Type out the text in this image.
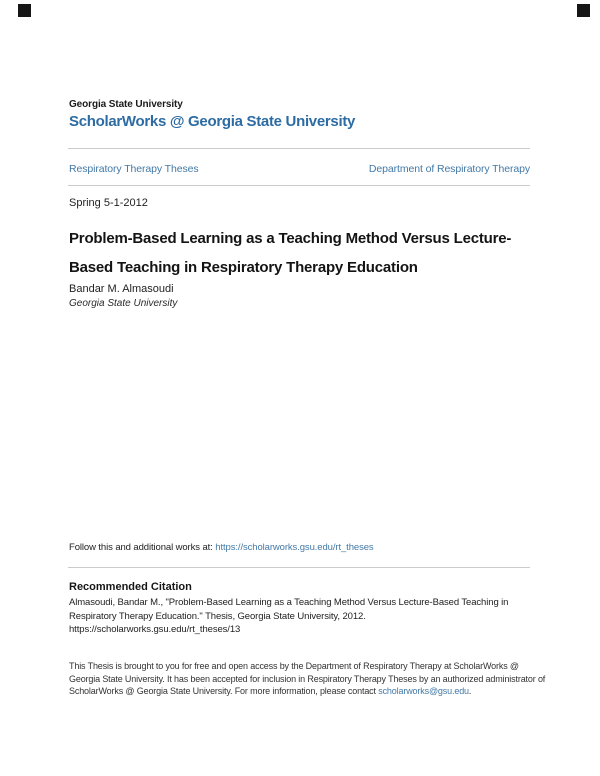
Georgia State University
ScholarWorks @ Georgia State University
Respiratory Therapy Theses	Department of Respiratory Therapy
Spring 5-1-2012
Problem-Based Learning as a Teaching Method Versus Lecture-Based Teaching in Respiratory Therapy Education
Bandar M. Almasoudi
Georgia State University
Follow this and additional works at: https://scholarworks.gsu.edu/rt_theses
Recommended Citation
Almasoudi, Bandar M., "Problem-Based Learning as a Teaching Method Versus Lecture-Based Teaching in Respiratory Therapy Education." Thesis, Georgia State University, 2012.
https://scholarworks.gsu.edu/rt_theses/13
This Thesis is brought to you for free and open access by the Department of Respiratory Therapy at ScholarWorks @ Georgia State University. It has been accepted for inclusion in Respiratory Therapy Theses by an authorized administrator of ScholarWorks @ Georgia State University. For more information, please contact scholarworks@gsu.edu.
